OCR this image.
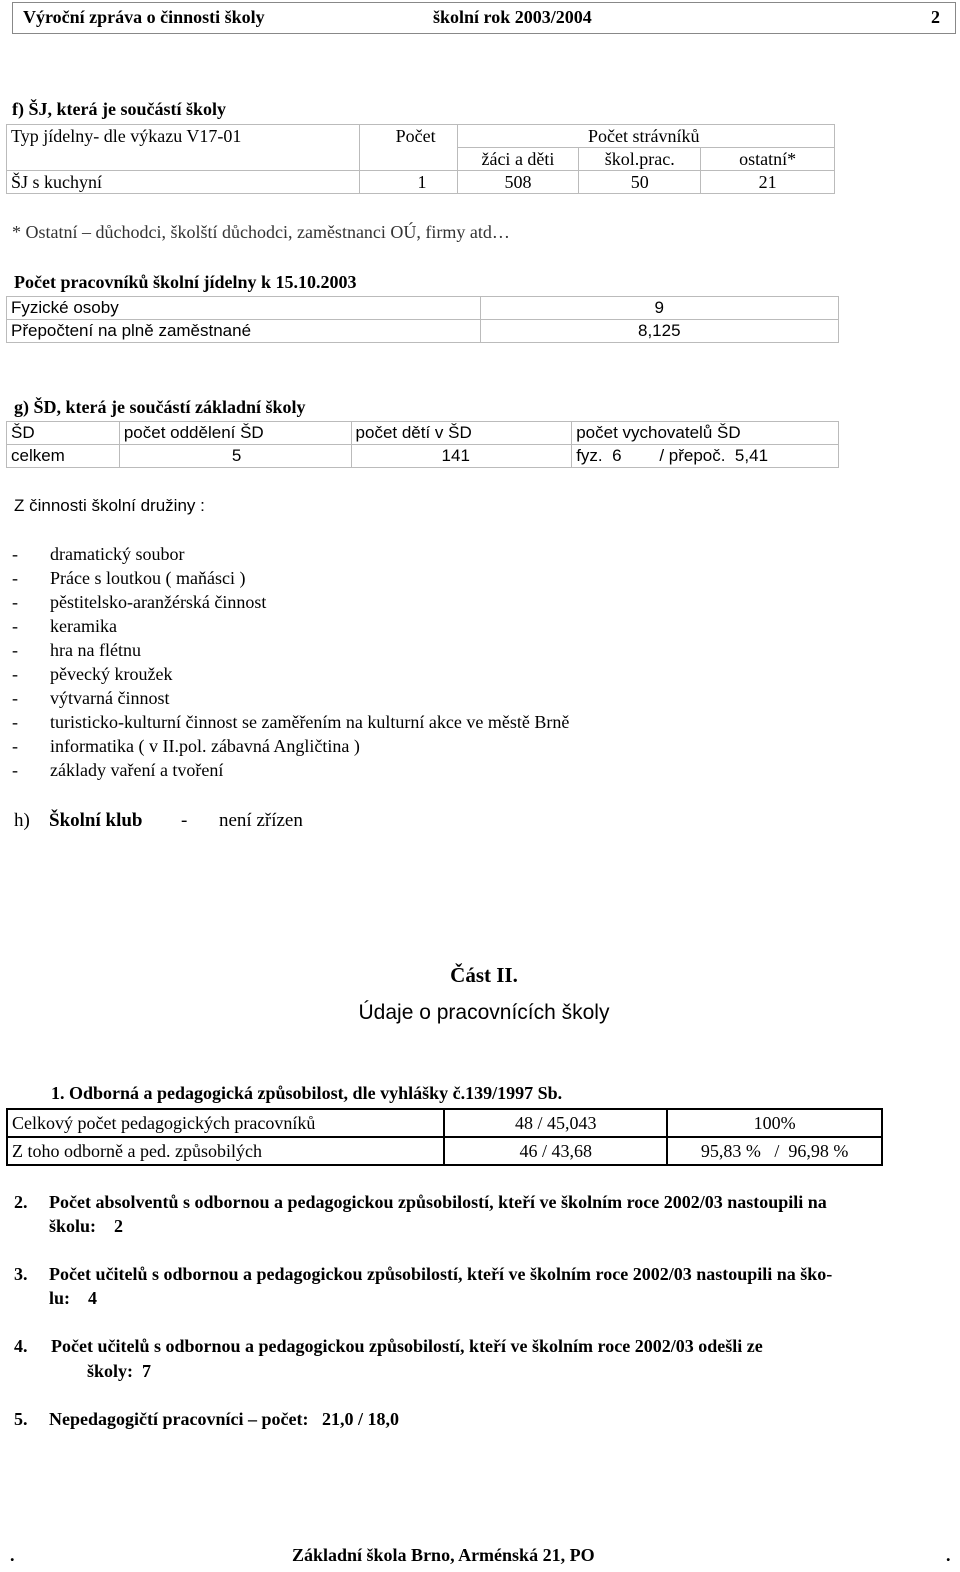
Výroční zpráva o činnosti školy	školní rok 2003/2004	2
f) ŠJ, která je součástí školy
Typ jídelny- dle výkazu V17-01	Počet	Počet strávníků		
		žáci a děti	škol.prac.	ostatní*
ŠJ s kuchyní	1	508	50	21
* Ostatní – důchodci, školští důchodci, zaměstnanci OÚ, firmy atd…
Počet pracovníků školní jídelny k 15.10.2003
Fyzické osoby	9
Přepočtení na plně zaměstnané	8,125
g) ŠD, která je součástí základní školy
ŠD	počet oddělení ŠD	počet dětí v ŠD	počet vychovatelů ŠD
celkem	5	141	fyz.  6        / přepoč.  5,41
Z činnosti školní družiny :
- dramatický soubor
- Práce s loutkou ( maňásci )
- pěstitelsko-aranžérská činnost
- keramika
- hra na flétnu
- pěvecký kroužek
- výtvarná činnost
- turisticko-kulturní činnost se zaměřením na kulturní akce ve městě Brně
- informatika ( v II.pol. zábavná Angličtina )
- základy vaření a tvoření
h) Školní klub - není zřízen
Část II.
Údaje o pracovnících školy
1. Odborná a pedagogická způsobilost, dle vyhlášky č.139/1997 Sb.
Celkový počet pedagogických pracovníků	48 / 45,043	100%
Z toho odborně a ped. způsobilých	46 / 43,68	95,83 %   /  96,98 %
2. Počet absolventů s odbornou a pedagogickou způsobilostí, kteří ve školním roce 2002/03 nastoupili na
školu:    2
3. Počet učitelů s odbornou a pedagogickou způsobilostí, kteří ve školním roce 2002/03 nastoupili na ško-
lu:    4
4. Počet učitelů s odbornou a pedagogickou způsobilostí, kteří ve školním roce 2002/03 odešli ze
školy:  7
5. Nepedagogičtí pracovníci – počet:   21,0 / 18,0
.	Základní škola Brno, Arménská 21, PO	.
